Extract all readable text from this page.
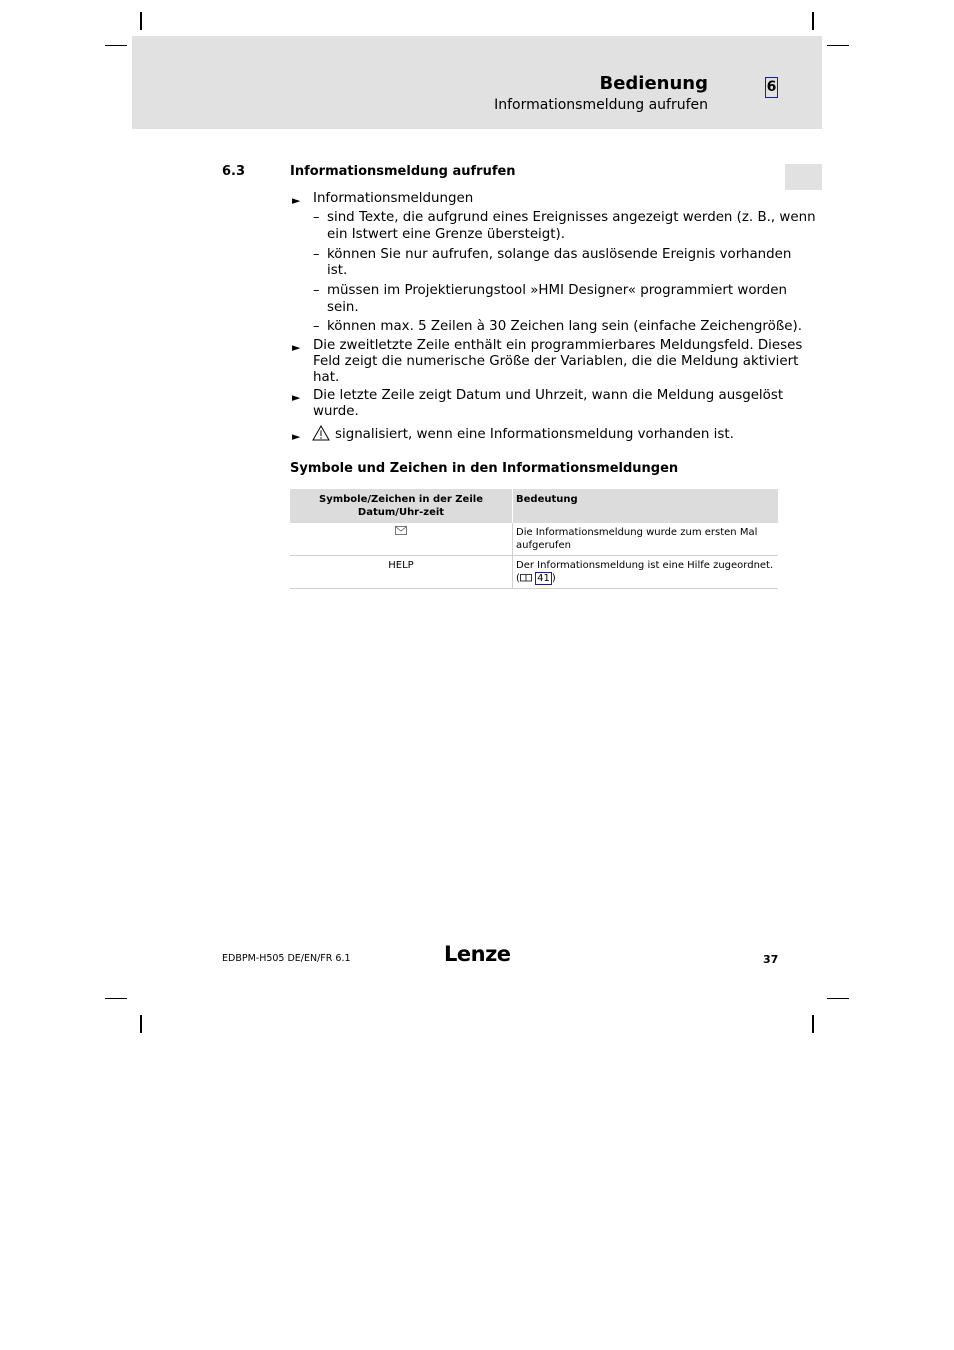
Bedienung
Informationsmeldung aufrufen
6
6.3	Informationsmeldung aufrufen
► Informationsmeldungen
– sind Texte, die aufgrund eines Ereignisses angezeigt werden (z. B., wenn
ein Istwert eine Grenze übersteigt).
– können Sie nur aufrufen, solange das auslösende Ereignis vorhanden
ist.
– müssen im Projektierungstool »HMI Designer« programmiert worden
sein.
– können max. 5 Zeilen à 30 Zeichen lang sein (einfache Zeichengröße).
► Die zweitletzte Zeile enthält ein programmierbares Meldungsfeld. Dieses
Feld zeigt die numerische Größe der Variablen, die die Meldung aktiviert
hat.
► Die letzte Zeile zeigt Datum und Uhrzeit, wann die Meldung ausgelöst
wurde.
►	signalisiert, wenn eine Informationsmeldung vorhanden ist.
Symbole und Zeichen in den Informationsmeldungen
Symbole/Zeichen in der Zeile Datum/Uhr-zeit	Bedeutung
	Die Informationsmeldung wurde zum ersten Mal aufgerufen
HELP	Der Informationsmeldung ist eine Hilfe zugeordnet.
( 41 )
EDBPM-H505 DE/EN/FR 6.1	Lenze	37
